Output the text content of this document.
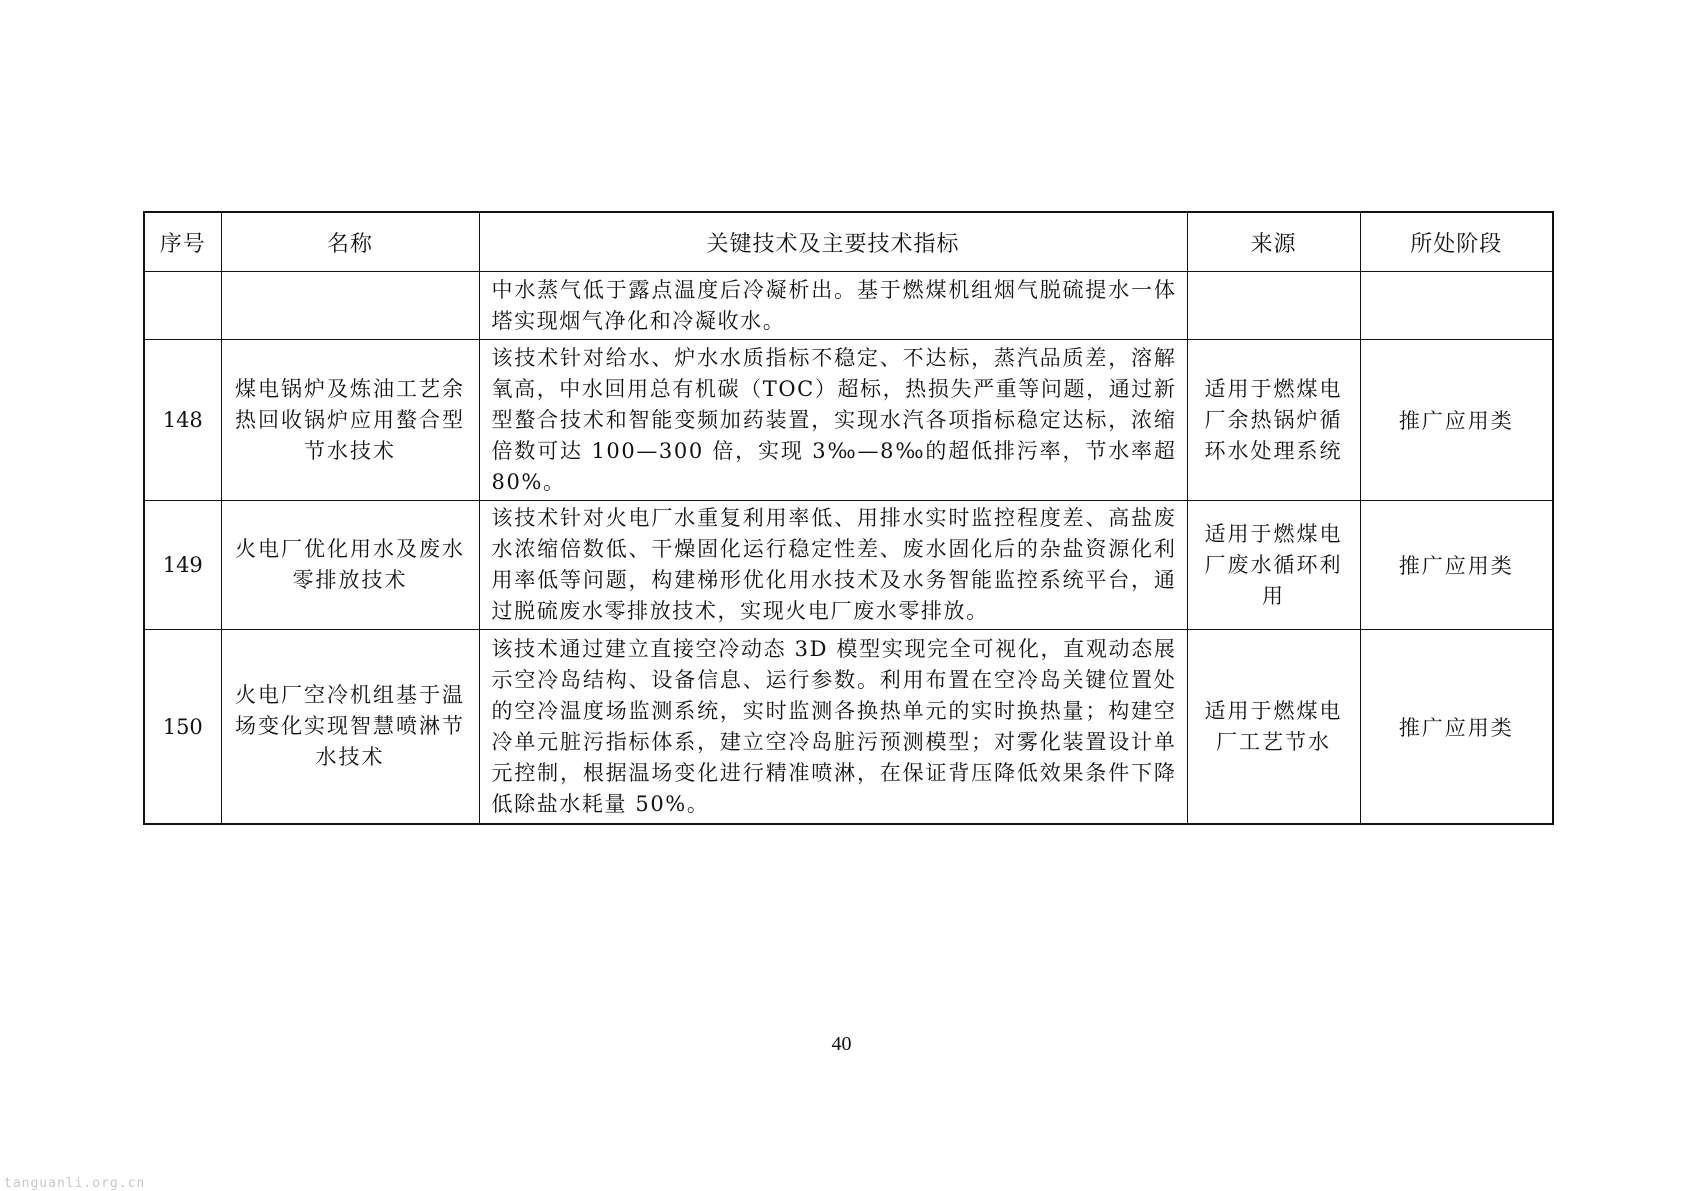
序号	名称	关键技术及主要技术指标	来源	所处阶段
		中水蒸气低于露点温度后冷凝析出。基于燃煤机组烟气脱硫提水一体塔实现烟气净化和冷凝收水。		
148	煤电锅炉及炼油工艺余热回收锅炉应用螯合型节水技术	该技术针对给水、炉水水质指标不稳定、不达标，蒸汽品质差，溶解氧高，中水回用总有机碳（TOC）超标，热损失严重等问题，通过新型螯合技术和智能变频加药装置，实现水汽各项指标稳定达标，浓缩倍数可达 100—300 倍，实现 3‰—8‰的超低排污率，节水率超 80%。	适用于燃煤电厂余热锅炉循环水处理系统	推广应用类
149	火电厂优化用水及废水零排放技术	该技术针对火电厂水重复利用率低、用排水实时监控程度差、高盐废水浓缩倍数低、干燥固化运行稳定性差、废水固化后的杂盐资源化利用率低等问题，构建梯形优化用水技术及水务智能监控系统平台，通过脱硫废水零排放技术，实现火电厂废水零排放。	适用于燃煤电厂废水循环利用	推广应用类
150	火电厂空冷机组基于温场变化实现智慧喷淋节水技术	该技术通过建立直接空冷动态 3D 模型实现完全可视化，直观动态展示空冷岛结构、设备信息、运行参数。利用布置在空冷岛关键位置处的空冷温度场监测系统，实时监测各换热单元的实时换热量；构建空冷单元脏污指标体系，建立空冷岛脏污预测模型；对雾化装置设计单元控制，根据温场变化进行精准喷淋，在保证背压降低效果条件下降低除盐水耗量 50%。	适用于燃煤电厂工艺节水	推广应用类
40
tanguanli.org.cn
